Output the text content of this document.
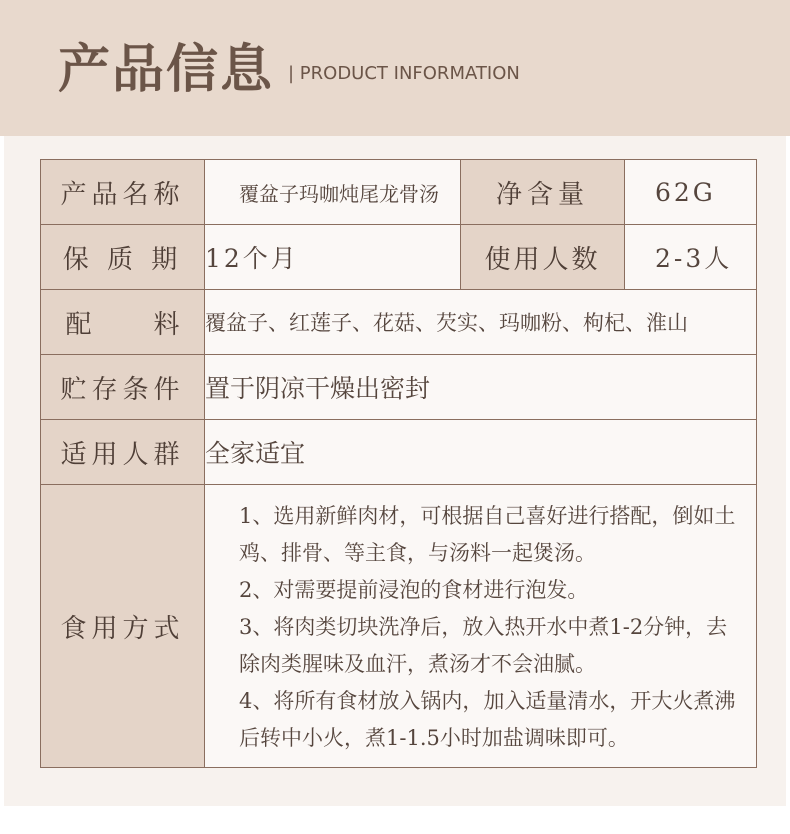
产品信息 | PRODUCT INFORMATION
产品名称	覆盆子玛咖炖尾龙骨汤	净含量	62G
保 质 期	12个月	使用人数	2-3人
配 料	覆盆子、红莲子、花菇、芡实、玛咖粉、枸杞、淮山		
贮存条件	置于阴凉干燥出密封		
适用人群	全家适宜		
食用方式	1、选用新鲜肉材，可根据自己喜好进行搭配，倒如土鸡、排骨、等主食，与汤料一起煲汤。
2、对需要提前浸泡的食材进行泡发。
3、将肉类切块洗净后，放入热开水中煮1-2分钟，去除肉类腥味及血汗，煮汤才不会油腻。
4、将所有食材放入锅内，加入适量清水，开大火煮沸后转中小火，煮1-1.5小时加盐调味即可。		
